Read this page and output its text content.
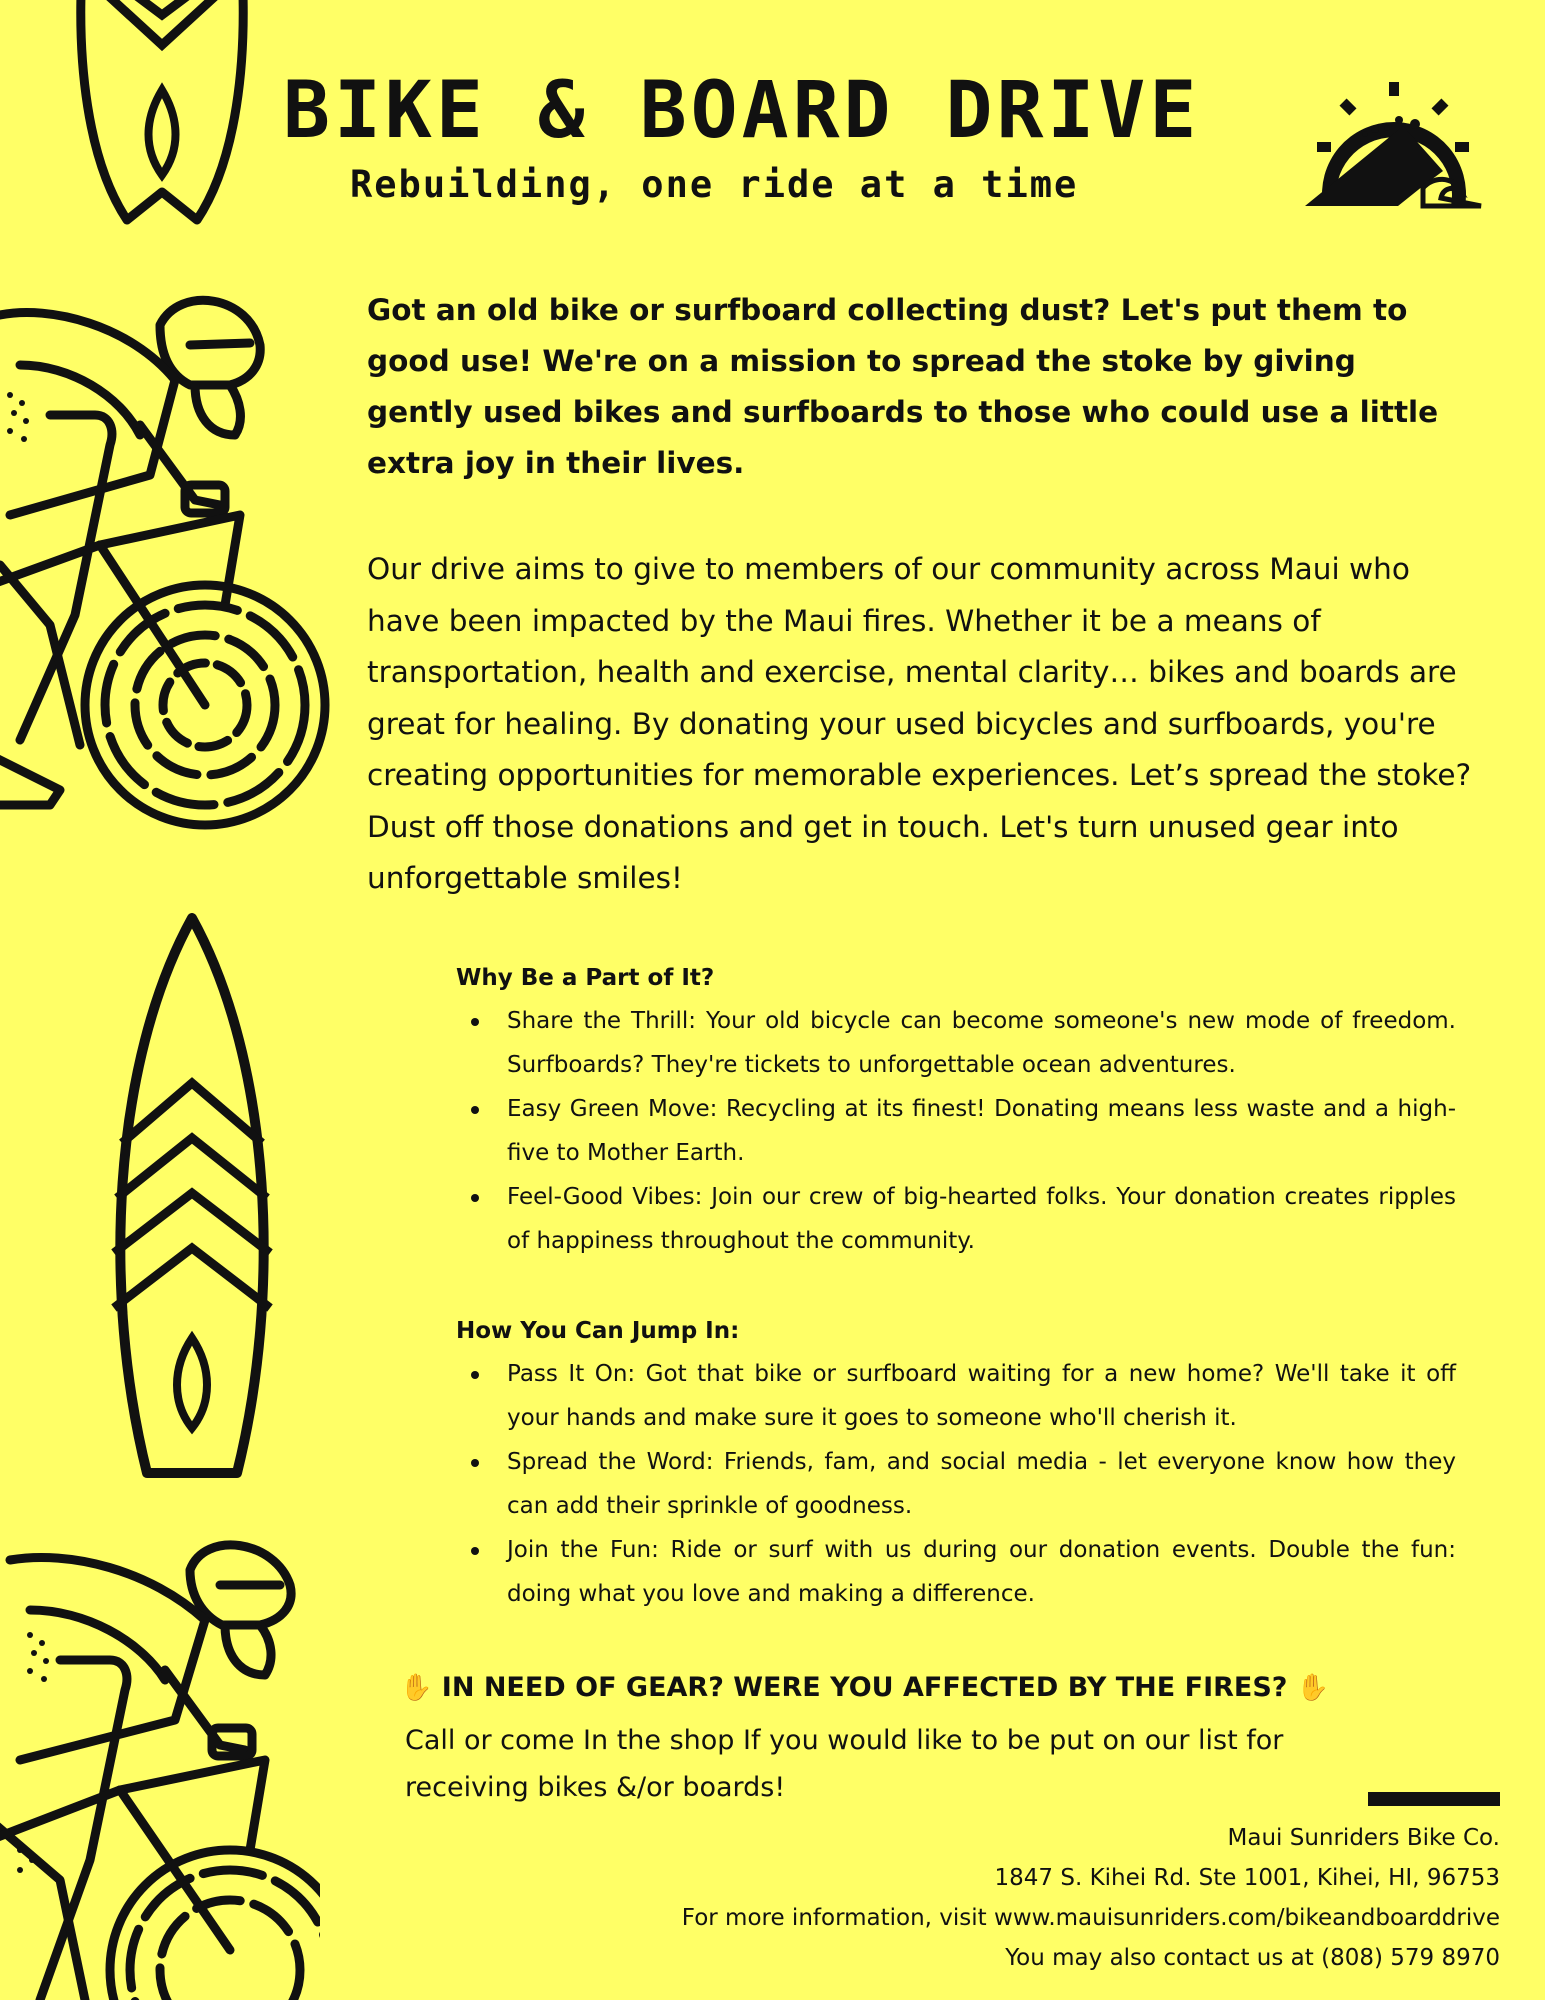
BIKE & BOARD DRIVE
Rebuilding, one ride at a time

Got an old bike or surfboard collecting dust? Let's put them to good use! We're on a mission to spread the stoke by giving gently used bikes and surfboards to those who could use a little extra joy in their lives.

Our drive aims to give to members of our community across Maui who have been impacted by the Maui fires. Whether it be a means of transportation, health and exercise, mental clarity… bikes and boards are great for healing. By donating your used bicycles and surfboards, you're creating opportunities for memorable experiences. Let’s spread the stoke? Dust off those donations and get in touch. Let's turn unused gear into unforgettable smiles!

Why Be a Part of It?
Share the Thrill: Your old bicycle can become someone's new mode of freedom. Surfboards? They're tickets to unforgettable ocean adventures.
Easy Green Move: Recycling at its finest! Donating means less waste and a high-five to Mother Earth.
Feel-Good Vibes: Join our crew of big-hearted folks. Your donation creates ripples of happiness throughout the community.
How You Can Jump In:
Pass It On: Got that bike or surfboard waiting for a new home? We'll take it off your hands and make sure it goes to someone who'll cherish it.
Spread the Word: Friends, fam, and social media - let everyone know how they can add their sprinkle of goodness.
Join the Fun: Ride or surf with us during our donation events. Double the fun: doing what you love and making a difference.
✋ IN NEED OF GEAR? WERE YOU AFFECTED BY THE FIRES? ✋

Call or come In the shop If you would like to be put on our list for receiving bikes &/or boards!

Maui Sunriders Bike Co.
1847 S. Kihei Rd. Ste 1001, Kihei, HI, 96753
For more information, visit www.mauisunriders.com/bikeandboarddrive
You may also contact us at (808) 579 8970
